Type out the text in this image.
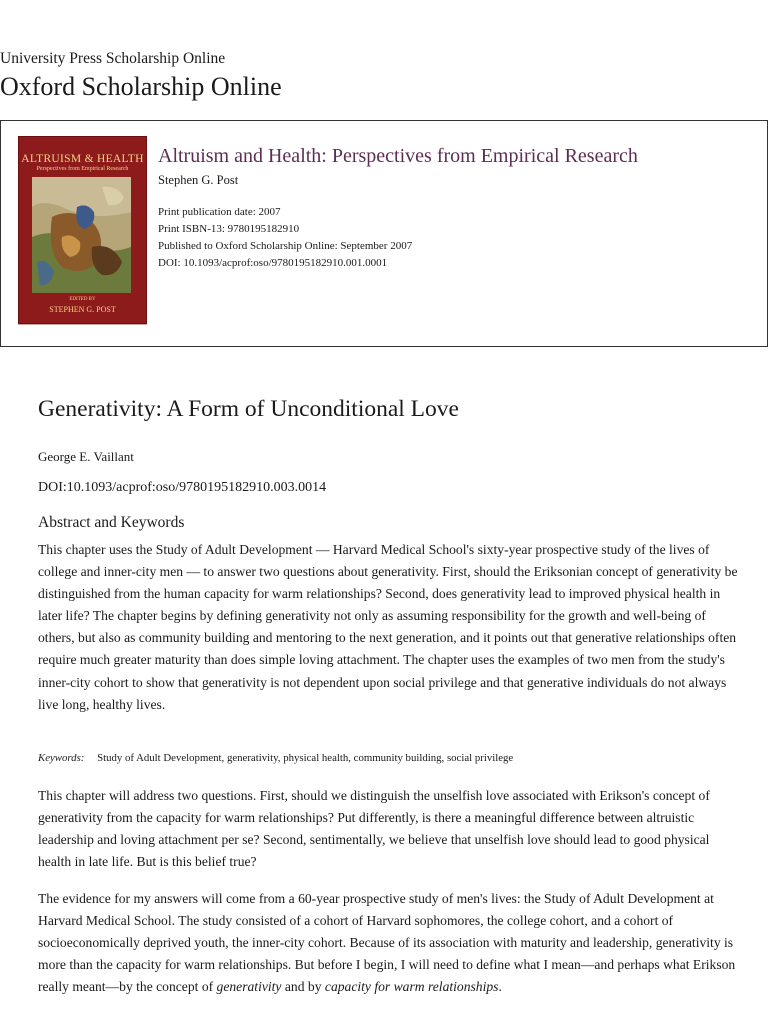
University Press Scholarship Online
Oxford Scholarship Online
ALTRUISM & HEALTH
Perspectives from Empirical Research
EDITED BY
STEPHEN G. POST
Altruism and Health: Perspectives from Empirical Research
Stephen G. Post
Print publication date: 2007
Print ISBN-13: 9780195182910
Published to Oxford Scholarship Online: September 2007
DOI: 10.1093/acprof:oso/9780195182910.001.0001
Generativity: A Form of Unconditional Love
George E. Vaillant
DOI:10.1093/acprof:oso/9780195182910.003.0014
Abstract and Keywords

This chapter uses the Study of Adult Development — Harvard Medical School's sixty-year prospective study of the lives of college and inner-city men — to answer two questions about generativity. First, should the Eriksonian concept of generativity be distinguished from the human capacity for warm relationships? Second, does generativity lead to improved physical health in later life? The chapter begins by defining generativity not only as assuming responsibility for the growth and well-being of others, but also as community building and mentoring to the next generation, and it points out that generative relationships often require much greater maturity than does simple loving attachment. The chapter uses the examples of two men from the study's inner-city cohort to show that generativity is not dependent upon social privilege and that generative individuals do not always live long, healthy lives.

Keywords: Study of Adult Development, generativity, physical health, community building, social privilege

This chapter will address two questions. First, should we distinguish the unselfish love associated with Erikson's concept of generativity from the capacity for warm relationships? Put differently, is there a meaningful difference between altruistic leadership and loving attachment per se? Second, sentimentally, we believe that unselfish love should lead to good physical health in late life. But is this belief true?

The evidence for my answers will come from a 60-year prospective study of men's lives: the Study of Adult Development at Harvard Medical School. The study consisted of a cohort of Harvard sophomores, the college cohort, and a cohort of socioeconomically deprived youth, the inner-city cohort. Because of its association with maturity and leadership, generativity is more than the capacity for warm relationships. But before I begin, I will need to define what I mean—and perhaps what Erikson really meant—by the concept of generativity and by capacity for warm relationships.
